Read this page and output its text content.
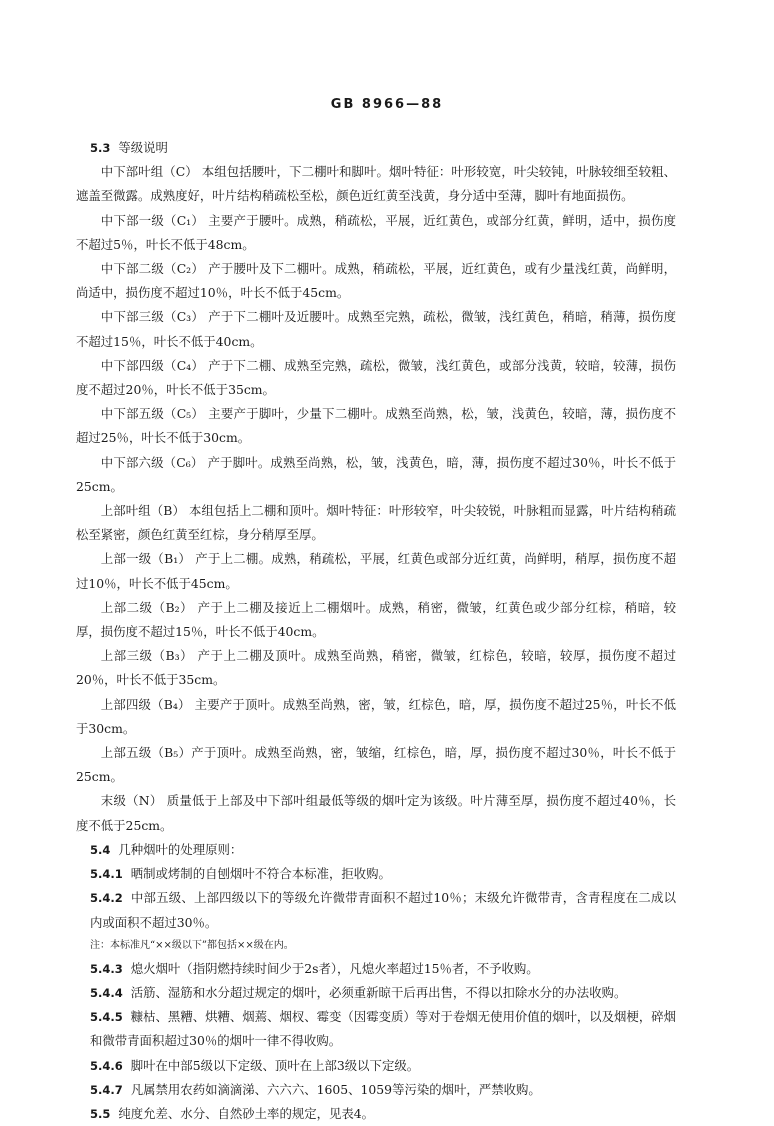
GB 8966—88

5.3 等级说明

中下部叶组（C） 本组包括腰叶，下二棚叶和脚叶。烟叶特征：叶形较宽，叶尖较钝，叶脉较细至较粗、遮盖至微露。成熟度好，叶片结构稍疏松至松，颜色近红黄至浅黄，身分适中至薄，脚叶有地面损伤。

中下部一级（C₁） 主要产于腰叶。成熟，稍疏松，平展，近红黄色，或部分红黄，鲜明，适中，损伤度不超过5％，叶长不低于48cm。

中下部二级（C₂） 产于腰叶及下二棚叶。成熟，稍疏松，平展，近红黄色，或有少量浅红黄，尚鲜明，尚适中，损伤度不超过10％，叶长不低于45cm。

中下部三级（C₃） 产于下二棚叶及近腰叶。成熟至完熟，疏松，微皱，浅红黄色，稍暗，稍薄，损伤度不超过15％，叶长不低于40cm。

中下部四级（C₄） 产于下二棚、成熟至完熟，疏松，微皱，浅红黄色，或部分浅黄，较暗，较薄，损伤度不超过20％，叶长不低于35cm。

中下部五级（C₅） 主要产于脚叶，少量下二棚叶。成熟至尚熟，松，皱，浅黄色，较暗，薄，损伤度不超过25％，叶长不低于30cm。

中下部六级（C₆） 产于脚叶。成熟至尚熟，松，皱，浅黄色，暗，薄，损伤度不超过30％，叶长不低于25cm。

上部叶组（B） 本组包括上二棚和顶叶。烟叶特征：叶形较窄，叶尖较锐，叶脉粗而显露，叶片结构稍疏松至紧密，颜色红黄至红棕，身分稍厚至厚。

上部一级（B₁） 产于上二棚。成熟，稍疏松，平展，红黄色或部分近红黄，尚鲜明，稍厚，损伤度不超过10％，叶长不低于45cm。

上部二级（B₂） 产于上二棚及接近上二棚烟叶。成熟，稍密，微皱，红黄色或少部分红棕，稍暗，较厚，损伤度不超过15％，叶长不低于40cm。

上部三级（B₃） 产于上二棚及顶叶。成熟至尚熟，稍密，微皱，红棕色，较暗，较厚，损伤度不超过20％，叶长不低于35cm。

上部四级（B₄） 主要产于顶叶。成熟至尚熟，密，皱，红棕色，暗，厚，损伤度不超过25％，叶长不低于30cm。

上部五级（B₅）产于顶叶。成熟至尚熟，密，皱缩，红棕色，暗，厚，损伤度不超过30％，叶长不低于25cm。

末级（N） 质量低于上部及中下部叶组最低等级的烟叶定为该级。叶片薄至厚，损伤度不超过40％，长度不低于25cm。

5.4 几种烟叶的处理原则：

5.4.1 晒制或烤制的自刨烟叶不符合本标准，拒收购。

5.4.2 中部五级、上部四级以下的等级允许微带青面积不超过10％；末级允许微带青，含青程度在二成以内或面积不超过30％。

注：本标准凡“××级以下”都包括××级在内。

5.4.3 熄火烟叶（指阴燃持续时间少于2s者），凡熄火率超过15％者，不予收购。

5.4.4 活筋、湿筋和水分超过规定的烟叶，必须重新晾干后再出售，不得以扣除水分的办法收购。

5.4.5 糠枯、黑糟、烘糟、烟蔫、烟杈、霉变（因霉变质）等对于卷烟无使用价值的烟叶，以及烟梗，碎烟和微带青面积超过30％的烟叶一律不得收购。

5.4.6 脚叶在中部5级以下定级、顶叶在上部3级以下定级。

5.4.7 凡属禁用农药如滴滴涕、六六六、1605、1059等污染的烟叶，严禁收购。

5.5 纯度允差、水分、自然砂土率的规定，见表4。
